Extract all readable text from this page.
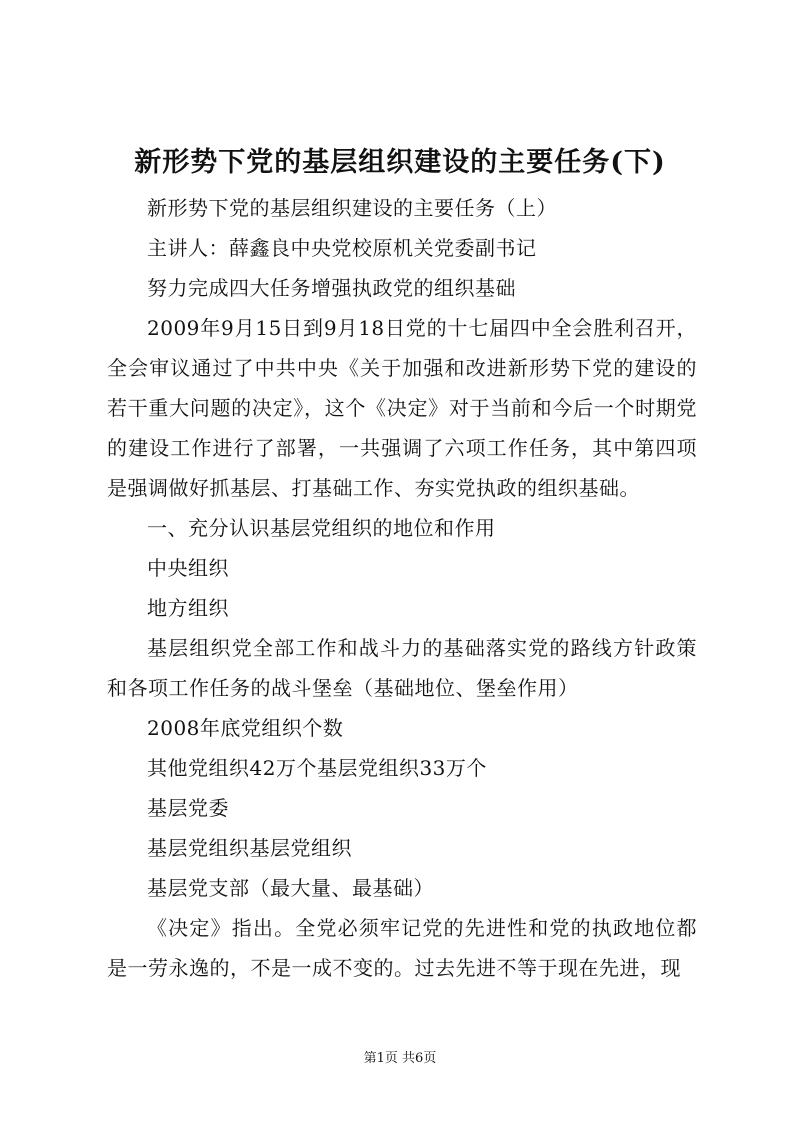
新形势下党的基层组织建设的主要任务(下)

新形势下党的基层组织建设的主要任务（上）

主讲人：薛鑫良中央党校原机关党委副书记

努力完成四大任务增强执政党的组织基础

2009年9月15日到9月18日党的十七届四中全会胜利召开，全会审议通过了中共中央《关于加强和改进新形势下党的建设的若干重大问题的决定》，这个《决定》对于当前和今后一个时期党的建设工作进行了部署，一共强调了六项工作任务，其中第四项是强调做好抓基层、打基础工作、夯实党执政的组织基础。

一、充分认识基层党组织的地位和作用

中央组织

地方组织

基层组织党全部工作和战斗力的基础落实党的路线方针政策和各项工作任务的战斗堡垒（基础地位、堡垒作用）

2008年底党组织个数

其他党组织42万个基层党组织33万个

基层党委

基层党组织基层党组织

基层党支部（最大量、最基础）

《决定》指出。全党必须牢记党的先进性和党的执政地位都是一劳永逸的，不是一成不变的。过去先进不等于现在先进，现

第1页 共6页
